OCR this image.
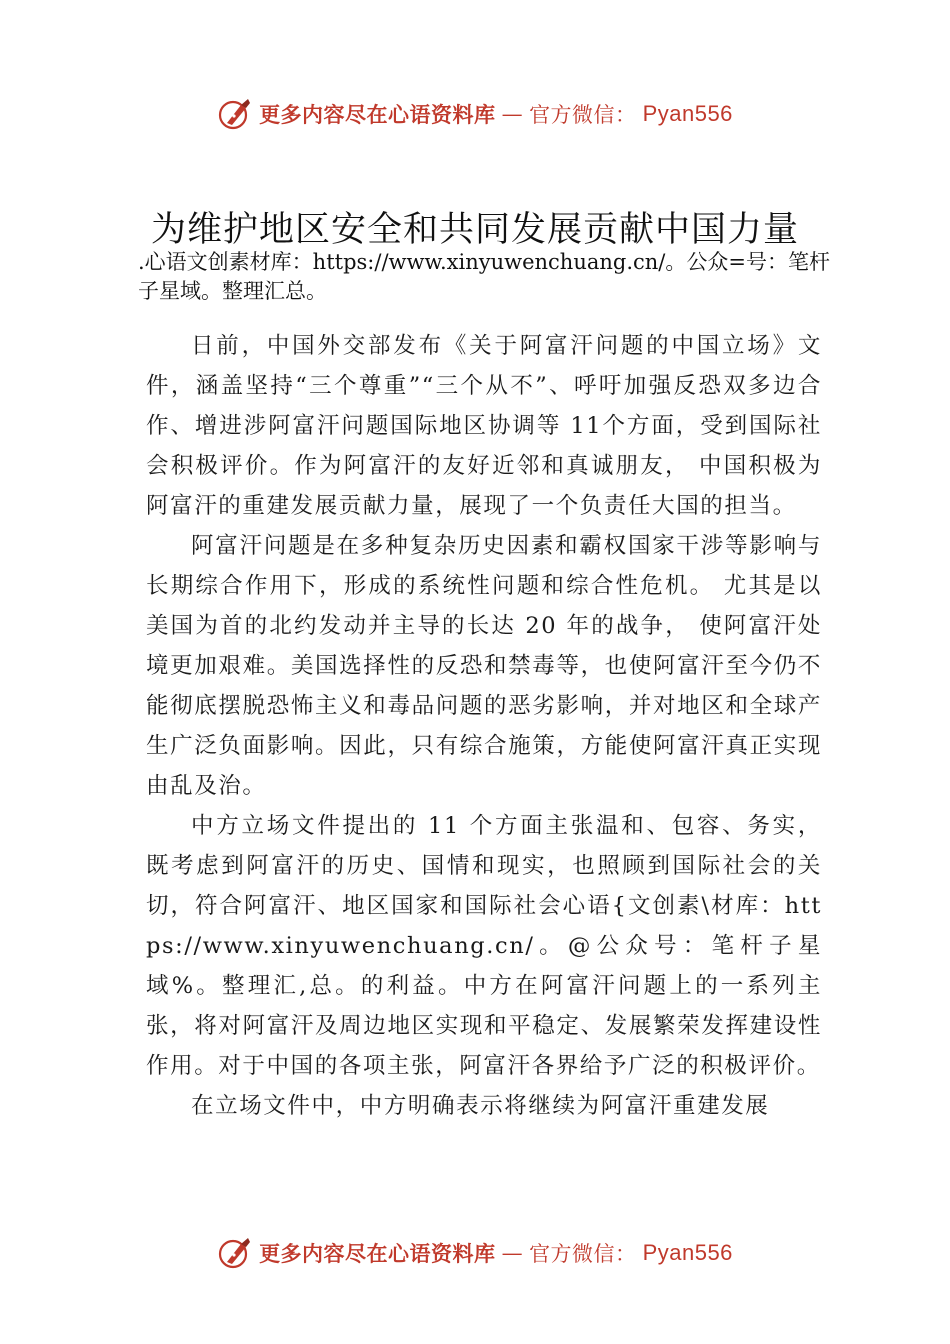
更多内容尽在心语资料库 — 官方微信： Pyan556
为维护地区安全和共同发展贡献中国力量
.心语文创素材库：https://www.xinyuwenchuang.cn/。公众=号：笔杆子星域。整理汇总。

日前，中国外交部发布《关于阿富汗问题的中国立场》文件，涵盖坚持“三个尊重”“三个从不”、呼吁加强反恐双多边合作、增进涉阿富汗问题国际地区协调等 11个方面，受到国际社会积极评价。作为阿富汗的友好近邻和真诚朋友， 中国积极为阿富汗的重建发展贡献力量，展现了一个负责任大国的担当。

阿富汗问题是在多种复杂历史因素和霸权国家干涉等影响与长期综合作用下，形成的系统性问题和综合性危机。 尤其是以美国为首的北约发动并主导的长达 20 年的战争， 使阿富汗处境更加艰难。美国选择性的反恐和禁毒等，也使阿富汗至今仍不能彻底摆脱恐怖主义和毒品问题的恶劣影响，并对地区和全球产生广泛负面影响。因此，只有综合施策，方能使阿富汗真正实现由乱及治。

中方立场文件提出的 11 个方面主张温和、包容、务实， 既考虑到阿富汗的历史、国情和现实，也照顾到国际社会的关切，符合阿富汗、地区国家和国际社会心语{文创素\材库：https://www.xinyuwenchuang.cn/。@公众号：笔杆子星域%。整理汇,总。的利益。中方在阿富汗问题上的一系列主张，将对阿富汗及周边地区实现和平稳定、发展繁荣发挥建设性作用。对于中国的各项主张，阿富汗各界给予广泛的积极评价。

在立场文件中，中方明确表示将继续为阿富汗重建发展

更多内容尽在心语资料库 — 官方微信： Pyan556
